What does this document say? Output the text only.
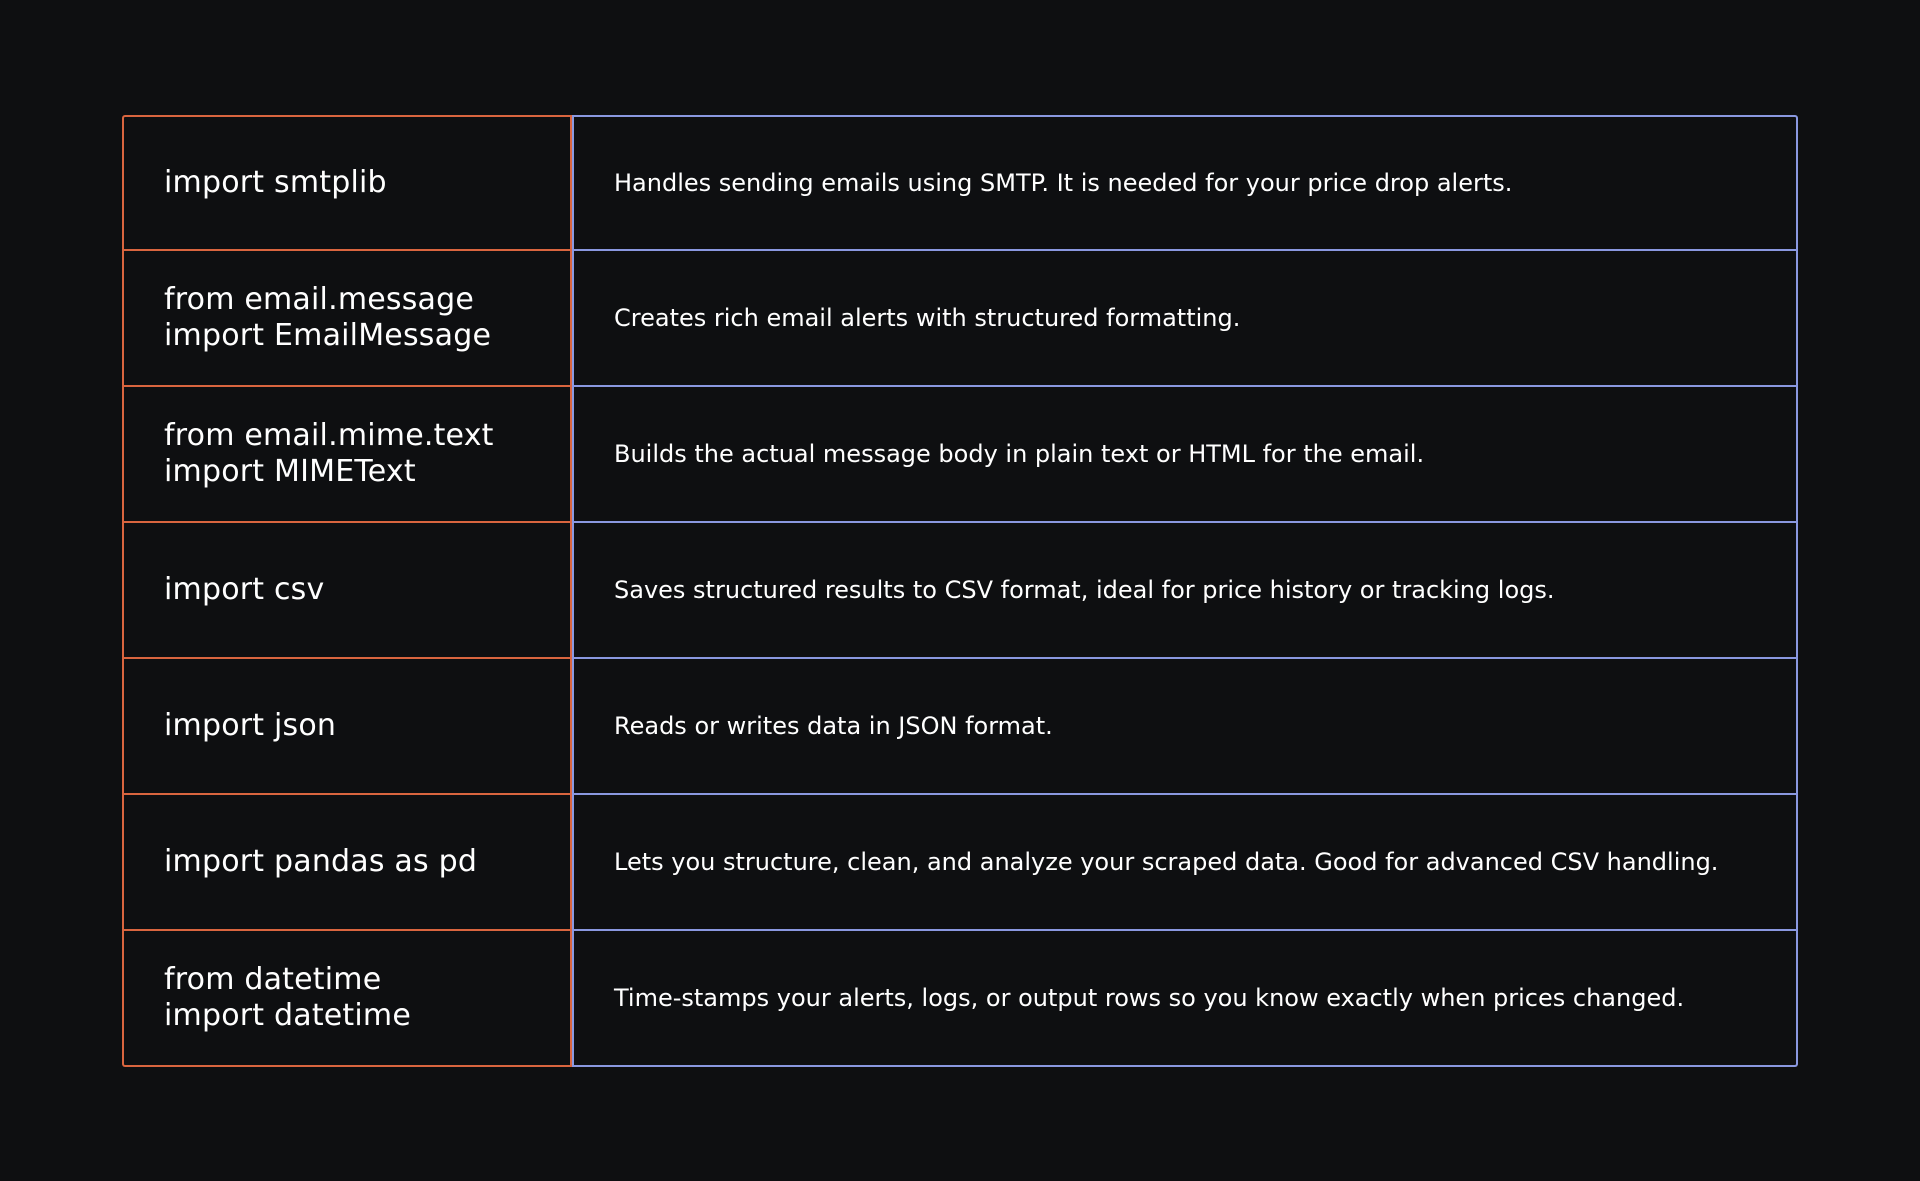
import smtplib	Handles sending emails using SMTP. It is needed for your price drop alerts.
from email.message
import EmailMessage	Creates rich email alerts with structured formatting.
from email.mime.text
import MIMEText	Builds the actual message body in plain text or HTML for the email.
import csv	Saves structured results to CSV format, ideal for price history or tracking logs.
import json	Reads or writes data in JSON format.
import pandas as pd	Lets you structure, clean, and analyze your scraped data. Good for advanced CSV handling.
from datetime
import datetime	Time-stamps your alerts, logs, or output rows so you know exactly when prices changed.
